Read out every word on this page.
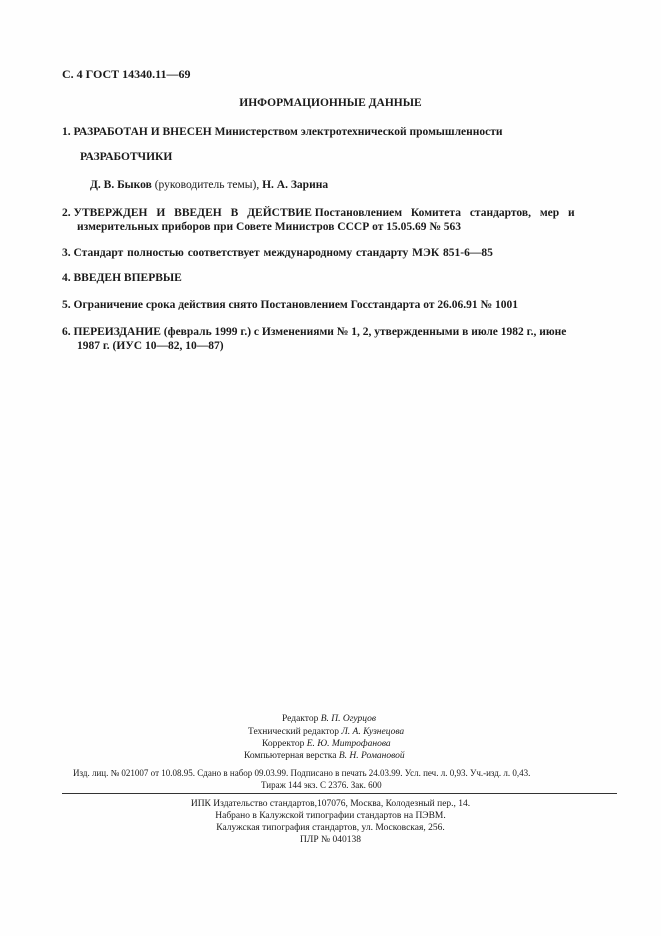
С. 4 ГОСТ 14340.11—69
ИНФОРМАЦИОННЫЕ ДАННЫЕ
1. РАЗРАБОТАН И ВНЕСЕН Министерством электротехнической промышленности
РАЗРАБОТЧИКИ
Д. В. Быков (руководитель темы), Н. А. Зарина
2. УТВЕРЖДЕН И ВВЕДЕН В ДЕЙСТВИЕ Постановлением Комитета стандартов, мер и
измерительных приборов при Совете Министров СССР от 15.05.69 № 563
3. Стандарт полностью соответствует международному стандарту МЭК 851-6—85
4. ВВЕДЕН ВПЕРВЫЕ
5. Ограничение срока действия снято Постановлением Госстандарта от 26.06.91 № 1001
6. ПЕРЕИЗДАНИЕ (февраль 1999 г.) с Изменениями № 1, 2, утвержденными в июле 1982 г., июне
1987 г. (ИУС 10—82, 10—87)
Редактор В. П. Огурцов
Технический редактор Л. А. Кузнецова
Корректор Е. Ю. Митрофанова
Компьютерная верстка В. Н. Романовой
Изд. лиц. № 021007 от 10.08.95. Сдано в набор 09.03.99. Подписано в печать 24.03.99. Усл. печ. л. 0,93. Уч.-изд. л. 0,43.
Тираж 144 экз. С 2376. Зак. 600
ИПК Издательство стандартов,107076, Москва, Колодезный пер., 14.
Набрано в Калужской типографии стандартов на ПЭВМ.
Калужская типография стандартов, ул. Московская, 256.
ПЛР № 040138
